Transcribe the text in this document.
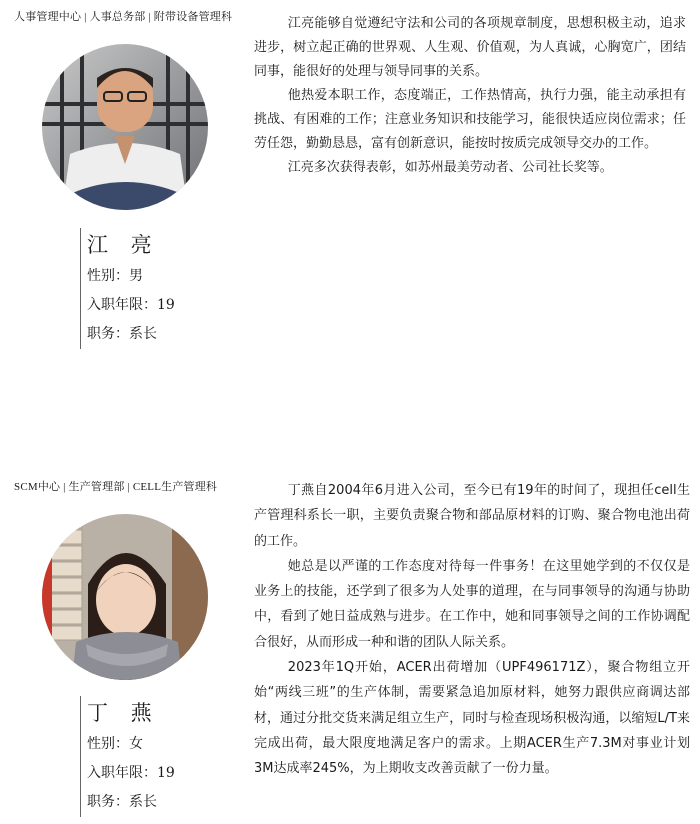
人事管理中心 | 人事总务部 | 附带设备管理科
江 亮
性别：男
入职年限：19
职务：系长

江亮能够自觉遵纪守法和公司的各项规章制度，思想积极主动，追求进步，树立起正确的世界观、人生观、价值观，为人真诚，心胸宽广，团结同事，能很好的处理与领导同事的关系。

他热爱本职工作，态度端正，工作热情高，执行力强，能主动承担有挑战、有困难的工作；注意业务知识和技能学习，能很快适应岗位需求；任劳任怨，勤勤恳恳，富有创新意识，能按时按质完成领导交办的工作。

江亮多次获得表彰，如苏州最美劳动者、公司社长奖等。

SCM中心 | 生产管理部 | CELL生产管理科
丁 燕
性别：女
入职年限：19
职务：系长

丁燕自2004年6月进入公司，至今已有19年的时间了，现担任cell生产管理科系长一职，主要负责聚合物和部品原材料的订购、聚合物电池出荷的工作。

她总是以严谨的工作态度对待每一件事务！在这里她学到的不仅仅是业务上的技能，还学到了很多为人处事的道理，在与同事领导的沟通与协助中，看到了她日益成熟与进步。在工作中，她和同事领导之间的工作协调配合很好，从而形成一种和谐的团队人际关系。

2023年1Q开始，ACER出荷增加（UPF496171Z），聚合物组立开始“两线三班”的生产体制，需要紧急追加原材料，她努力跟供应商调达部材，通过分批交货来满足组立生产，同时与检查现场积极沟通，以缩短L/T来完成出荷，最大限度地满足客户的需求。上期ACER生产7.3M对事业计划3M达成率245%，为上期收支改善贡献了一份力量。
